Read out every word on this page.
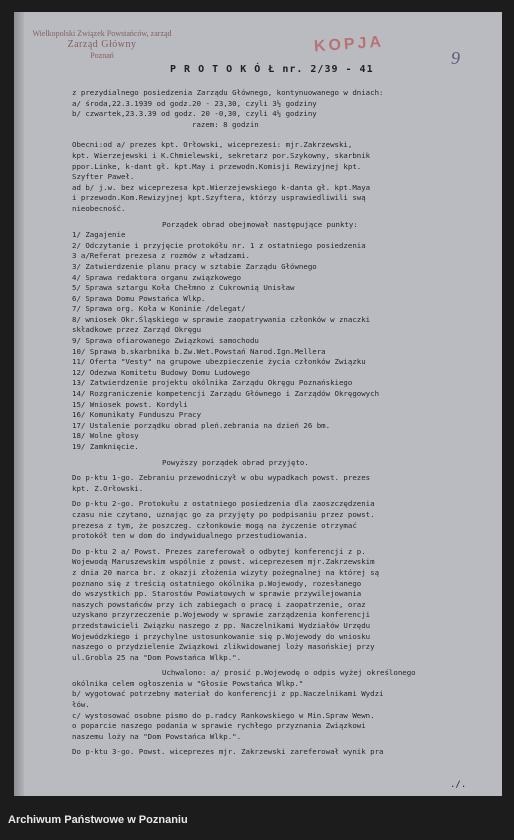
Wielkopolski Związek Powstańców, zarząd
Zarząd Główny
Poznań
KOPJA
9
P R O T O K Ó Ł nr. 2/39 - 41
z prezydialnego posiedzenia Zarządu Głównego, kontynuowanego w dniach:
a/ środa,22.3.1939 od godz.20 - 23,30, czyli 3½ godziny
b/ czwartek,23.3.39 od godz. 20 -0,30, czyli 4½ godziny
razem: 8 godzin
Obecni:od a/ prezes kpt. Orłowski, wiceprezesi: mjr.Zakrzewski,
kpt. Wierzejewski i K.Chmielewski, sekretarz por.Szykowny, skarbnik
ppor.Linke, k-dant gł. kpt.May i przewodn.Komisji Rewizyjnej kpt.
Szyfter Paweł.
ad b/ j.w. bez wiceprezesa kpt.Wierzejewskiego k-danta gł. kpt.Maya
i przewodn.Kom.Rewizyjnej kpt.Szyftera, którzy usprawiedliwili swą
nieobecność.
Porządek obrad obejmował następujące punkty:
1/ Zagajenie
2/ Odczytanie i przyjęcie protokółu nr. 1 z ostatniego posiedzenia
3 a/Referat prezesa z rozmów z władzami.
3/ Zatwierdzenie planu pracy w sztabie Zarządu Głównego
4/ Sprawa redaktora organu związkowego
5/ Sprawa sztargu Koła Chełmno z Cukrownią Unisław
6/ Sprawa Domu Powstańca Wlkp.
7/ Sprawa org. Koła w Koninie /delegat/
8/ wniosek Okr.Śląskiego w sprawie zaopatrywania członków w znaczki
składkowe przez Zarząd Okręgu
9/ Sprawa ofiarowanego Związkowi samochodu
10/ Sprawa b.skarbnika b.Zw.Wet.Powstań Narod.Ign.Mellera
11/ Oferta "Vesty" na grupowe ubezpieczenie życia członków Związku
12/ Odezwa Komitetu Budowy Domu Ludowego
13/ Zatwierdzenie projektu okólnika Zarządu Okręgu Poznańskiego
14/ Rozgraniczenie kompetencji Zarządu Głównego i Zarządów Okręgowych
15/ Wniosek powst. Kordyli
16/ Komunikaty Funduszu Pracy
17/ Ustalenie porządku obrad pleń.zebrania na dzień 26 bm.
18/ Wolne głosy
19/ Zamknięcie.
Powyższy porządek obrad przyjęto.
Do p-ktu 1-go. Zebraniu przewodniczył w obu wypadkach powst. prezes
kpt. Z.Orłowski.
Do p-ktu 2-go. Protokułu z ostatniego posiedzenia dla zaoszczędzenia
czasu nie czytano, uznając go za przyjęty po podpisaniu przez powst.
prezesa z tym, że poszczeg. członkowie mogą na życzenie otrzymać
protokół ten w dom do indywidualnego przestudiowania.
Do p-ktu 2 a/ Powst. Prezes zareferował o odbytej konferencji z p.
Wojewodą Maruszewskim wspólnie z powst. wiceprezesem mjr.Zakrzewskim
z dnia 20 marca br. z okazji złożenia wizyty pożegnalnej na której są
poznano się z treścią ostatniego okólnika p.Wojewody, rozesłanego
do wszystkich pp. Starostów Powiatowych w sprawie przywilejowania
naszych powstańców przy ich zabiegach o pracę i zaopatrzenie, oraz
uzyskano przyrzeczenie p.Wojewody w sprawie zarządzenia konferencji
przedstawicieli Związku naszego z pp. Naczelnikami Wydziałów Urzędu
Wojewódzkiego i przychylne ustosunkowanie się p.Wojewody do wniosku
naszego o przydzielenie Związkowi zlikwidowanej loży masońskiej przy
ul.Grobla 25 na "Dom Powstańca Wlkp.".
Uchwalono: a/ prosić p.Wojewodę o odpis wyżej określonego
okólnika celem ogłoszenia w "Głosie Powstańca Wlkp."
b/ wygotować potrzebny materiał do konferencji z pp.Naczelnikami Wydzi
łów.
c/ wystosować osobne pismo do p.radcy Rankowskiego w Min.Spraw Wewn.
o poparcie naszego podania w sprawie rychłego przyznania Związkowi
naszemu loży na "Dom Powstańca Wlkp.".
Do p-ktu 3-go. Powst. wiceprezes mjr. Zakrzewski zareferował wynik pra
./.
Archiwum Państwowe w Poznaniu
